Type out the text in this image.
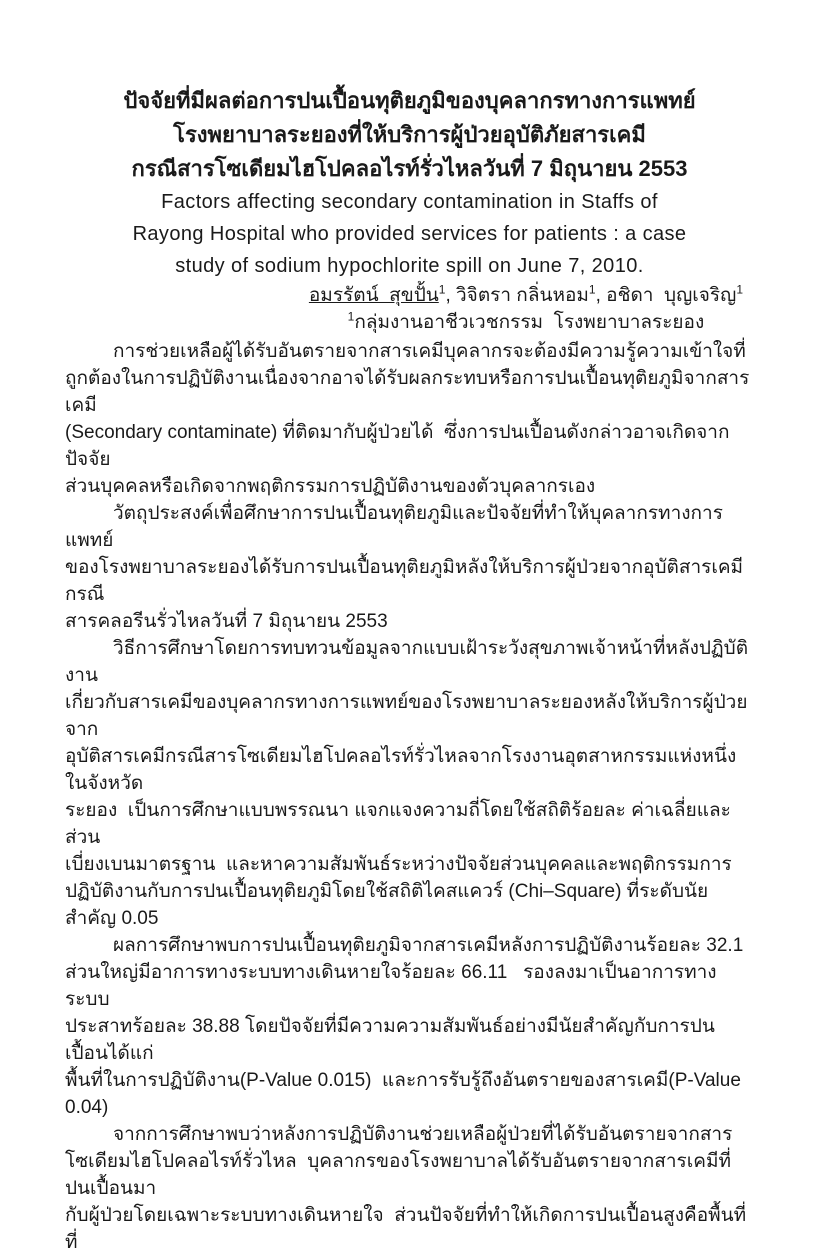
ปัจจัยที่มีผลต่อการปนเปื้อนทุติยภูมิของบุคลากรทางการแพทย์
โรงพยาบาลระยองที่ให้บริการผู้ป่วยอุบัติภัยสารเคมี
กรณีสารโซเดียมไฮโปคลอไรท์รั่วไหลวันที่ 7 มิถุนายน 2553
Factors affecting secondary contamination in Staffs of
Rayong Hospital who provided services for patients : a case
study of sodium hypochlorite spill on June 7, 2010.
อมรรัตน์  สุขปั้น$^1$, วิจิตรา กลิ่นหอม$^1$, อชิดา  บุญเจริญ$^1$
$^1$กลุ่มงานอาชีวเวชกรรม  โรงพยาบาลระยอง
การช่วยเหลือผู้ได้รับอันตรายจากสารเคมีบุคลากรจะต้องมีความรู้ความเข้าใจที่
ถูกต้องในการปฏิบัติงานเนื่องจากอาจได้รับผลกระทบหรือการปนเปื้อนทุติยภูมิจากสารเคมี
(Secondary contaminate) ที่ติดมากับผู้ป่วยได้  ซึ่งการปนเปื้อนดังกล่าวอาจเกิดจากปัจจัย
ส่วนบุคคลหรือเกิดจากพฤติกรรมการปฏิบัติงานของตัวบุคลากรเอง
วัตถุประสงค์เพื่อศึกษาการปนเปื้อนทุติยภูมิและปัจจัยที่ทำให้บุคลากรทางการแพทย์
ของโรงพยาบาลระยองได้รับการปนเปื้อนทุติยภูมิหลังให้บริการผู้ป่วยจากอุบัติสารเคมีกรณี
สารคลอรีนรั่วไหลวันที่ 7 มิถุนายน 2553
วิธีการศึกษาโดยการทบทวนข้อมูลจากแบบเฝ้าระวังสุขภาพเจ้าหน้าที่หลังปฏิบัติงาน
เกี่ยวกับสารเคมีของบุคลากรทางการแพทย์ของโรงพยาบาลระยองหลังให้บริการผู้ป่วยจาก
อุบัติสารเคมีกรณีสารโซเดียมไฮโปคลอไรท์รั่วไหลจากโรงงานอุตสาหกรรมแห่งหนึ่งในจังหวัด
ระยอง  เป็นการศึกษาแบบพรรณนา แจกแจงความถี่โดยใช้สถิติร้อยละ ค่าเฉลี่ยและส่วน
เบี่ยงเบนมาตรฐาน  และหาความสัมพันธ์ระหว่างปัจจัยส่วนบุคคลและพฤติกรรมการ
ปฏิบัติงานกับการปนเปื้อนทุติยภูมิโดยใช้สถิติไคสแควร์ (Chi–Square) ที่ระดับนัยสำคัญ 0.05
ผลการศึกษาพบการปนเปื้อนทุติยภูมิจากสารเคมีหลังการปฏิบัติงานร้อยละ 32.1
ส่วนใหญ่มีอาการทางระบบทางเดินหายใจร้อยละ 66.11   รองลงมาเป็นอาการทางระบบ
ประสาทร้อยละ 38.88 โดยปัจจัยที่มีความความสัมพันธ์อย่างมีนัยสำคัญกับการปนเปื้อนได้แก่
พื้นที่ในการปฏิบัติงาน(P-Value 0.015)  และการรับรู้ถึงอันตรายของสารเคมี(P-Value 0.04)
จากการศึกษาพบว่าหลังการปฏิบัติงานช่วยเหลือผู้ป่วยที่ได้รับอันตรายจากสาร
โซเดียมไฮโปคลอไรท์รั่วไหล  บุคลากรของโรงพยาบาลได้รับอันตรายจากสารเคมีที่ปนเปื้อนมา
กับผู้ป่วยโดยเฉพาะระบบทางเดินหายใจ  ส่วนปัจจัยที่ทำให้เกิดการปนเปื้อนสูงคือพื้นที่ที่
